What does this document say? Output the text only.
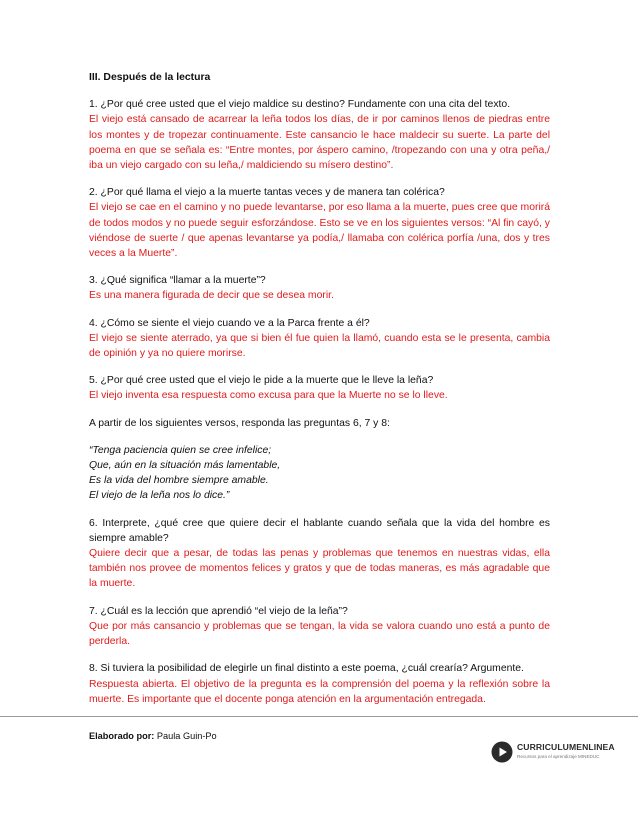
III. Después de la lectura

1. ¿Por qué cree usted que el viejo maldice su destino? Fundamente con una cita del texto.

El viejo está cansado de acarrear la leña todos los días, de ir por caminos llenos de piedras entre los montes y de tropezar continuamente. Este cansancio le hace maldecir su suerte. La parte del poema en que se señala es: “Entre montes, por áspero camino, /tropezando con una y otra peña,/ iba un viejo cargado con su leña,/ maldiciendo su mísero destino”.

2. ¿Por qué llama el viejo a la muerte tantas veces y de manera tan colérica?

El viejo se cae en el camino y no puede levantarse, por eso llama a la muerte, pues cree que morirá de todos modos y no puede seguir esforzándose. Esto se ve en los siguientes versos: “Al fin cayó, y viéndose de suerte / que apenas levantarse ya podía,/ llamaba con colérica porfía /una, dos y tres veces a la Muerte”.

3. ¿Qué significa “llamar a la muerte”?

Es una manera figurada de decir que se desea morir.

4. ¿Cómo se siente el viejo cuando ve a la Parca frente a él?

El viejo se siente aterrado, ya que si bien él fue quien la llamó, cuando esta se le presenta, cambia de opinión y ya no quiere morirse.

5. ¿Por qué cree usted que el viejo le pide a la muerte que le lleve la leña?

El viejo inventa esa respuesta como excusa para que la Muerte no se lo lleve.

A partir de los siguientes versos, responda las preguntas 6, 7 y 8:
“Tenga paciencia quien se cree infelice;
Que, aún en la situación más lamentable,
Es la vida del hombre siempre amable.
El viejo de la leña nos lo dice.”

6. Interprete, ¿qué cree que quiere decir el hablante cuando señala que la vida del hombre es siempre amable?

Quiere decir que a pesar, de todas las penas y problemas que tenemos en nuestras vidas, ella también nos provee de momentos felices y gratos y que de todas maneras, es más agradable que la muerte.

7. ¿Cuál es la lección que aprendió “el viejo de la leña”?

Que por más cansancio y problemas que se tengan, la vida se valora cuando uno está a punto de perderla.

8. Si tuviera la posibilidad de elegirle un final distinto a este poema, ¿cuál crearía? Argumente.

Respuesta abierta. El objetivo de la pregunta es la comprensión del poema y la reflexión sobre la muerte. Es importante que el docente ponga atención en la argumentación entregada.

Elaborado por: Paula Guin-Po
CURRICULUMENLINEA
Recursos para el aprendizaje MINEDUC
